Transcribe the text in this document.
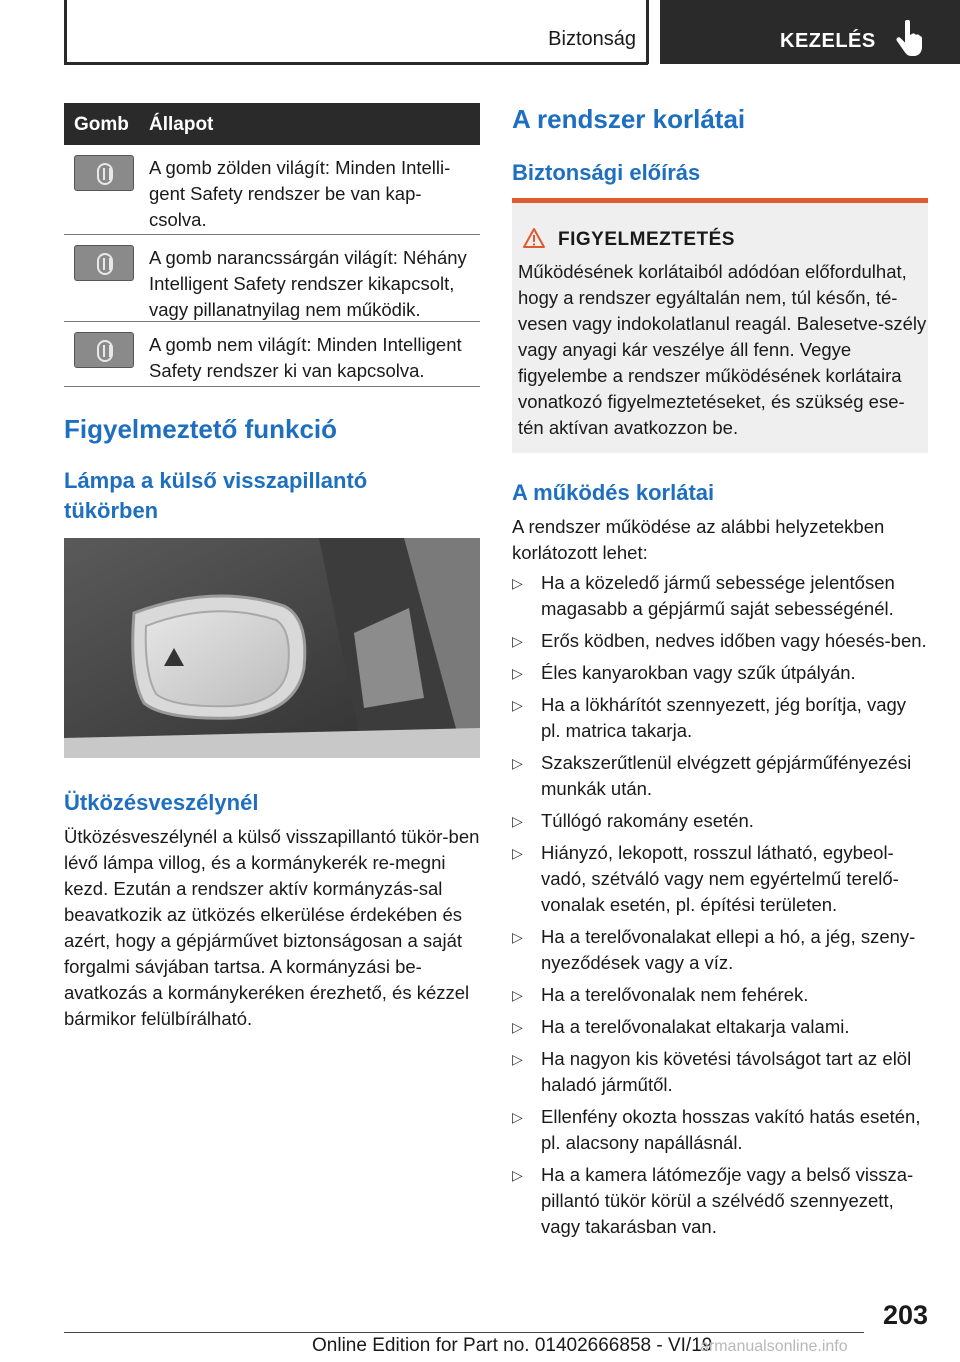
Biztonság	KEZELÉS
Gomb Állapot
A gomb zölden világít: Minden Intelli-gent Safety rendszer be van kap-csolva.
A gomb narancssárgán világít: Néhány Intelligent Safety rendszer kikapcsolt, vagy pillanatnyilag nem működik.
A gomb nem világít: Minden Intelligent Safety rendszer ki van kapcsolva.
Figyelmeztető funkció
Lámpa a külső visszapillantó tükörben
Ütközésveszélynél
Ütközésveszélynél a külső visszapillantó tükör-ben lévő lámpa villog, és a kormánykerék re-megni kezd. Ezután a rendszer aktív kormányzás-sal beavatkozik az ütközés elkerülése érdekében és azért, hogy a gépjárművet biztonságosan a saját forgalmi sávjában tartsa. A kormányzási be-avatkozás a kormánykeréken érezhető, és kézzel bármikor felülbírálható.
A rendszer korlátai
Biztonsági előírás
FIGYELMEZTETÉS
Működésének korlátaiból adódóan előfordulhat, hogy a rendszer egyáltalán nem, túl későn, té-vesen vagy indokolatlanul reagál. Balesetve-szély vagy anyagi kár veszélye áll fenn. Vegye figyelembe a rendszer működésének korlátaira vonatkozó figyelmeztetéseket, és szükség ese-tén aktívan avatkozzon be.
A működés korlátai
A rendszer működése az alábbi helyzetekben korlátozott lehet:
▷ Ha a közeledő jármű sebessége jelentősen magasabb a gépjármű saját sebességénél.
▷ Erős ködben, nedves időben vagy hóesés-ben.
▷ Éles kanyarokban vagy szűk útpályán.
▷ Ha a lökhárítót szennyezett, jég borítja, vagy pl. matrica takarja.
▷ Szakszerűtlenül elvégzett gépjárműfényezési munkák után.
▷ Túllógó rakomány esetén.
▷ Hiányzó, lekopott, rosszul látható, egybeol-vadó, szétváló vagy nem egyértelmű terelő-vonalak esetén, pl. építési területen.
▷ Ha a terelővonalakat ellepi a hó, a jég, szeny-nyeződések vagy a víz.
▷ Ha a terelővonalak nem fehérek.
▷ Ha a terelővonalakat eltakarja valami.
▷ Ha nagyon kis követési távolságot tart az elöl haladó járműtől.
▷ Ellenfény okozta hosszas vakító hatás esetén, pl. alacsony napállásnál.
▷ Ha a kamera látómezője vagy a belső vissza-pillantó tükör körül a szélvédő szennyezett, vagy takarásban van.
203
Online Edition for Part no. 01402666858 - VI/19
armanualsonline.info
